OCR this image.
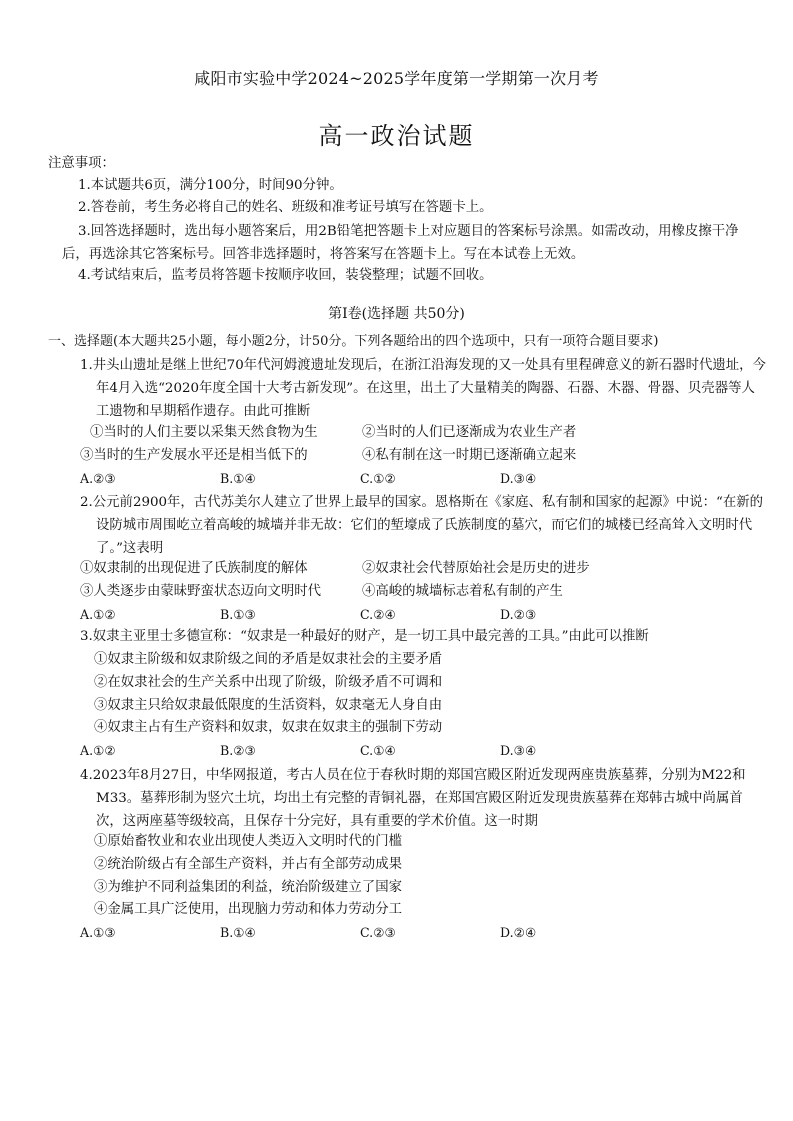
咸阳市实验中学2024~2025学年度第一学期第一次月考
高一政治试题
注意事项：
1.本试题共6页，满分100分，时间90分钟。
2.答卷前，考生务必将自己的姓名、班级和准考证号填写在答题卡上。
3.回答选择题时，选出每小题答案后，用2B铅笔把答题卡上对应题目的答案标号涂黑。如需改动，用橡皮擦干净后，再选涂其它答案标号。回答非选择题时，将答案写在答题卡上。写在本试卷上无效。
4.考试结束后，监考员将答题卡按顺序收回，装袋整理；试题不回收。
第Ⅰ卷(选择题 共50分)
一、选择题(本大题共25小题，每小题2分，计50分。下列各题给出的四个选项中，只有一项符合题目要求)
1.井头山遗址是继上世纪70年代河姆渡遗址发现后，在浙江沿海发现的又一处具有里程碑意义的新石器时代遗址，今年4月入选“2020年度全国十大考古新发现”。在这里，出土了大量精美的陶器、石器、木器、骨器、贝壳器等人工遗物和早期稻作遗存。由此可推断
①当时的人们主要以采集天然食物为生	②当时的人们已逐渐成为农业生产者
③当时的生产发展水平还是相当低下的	④私有制在这一时期已逐渐确立起来
A.②③	B.①④	C.①②	D.③④
2.公元前2900年，古代苏美尔人建立了世界上最早的国家。恩格斯在《家庭、私有制和国家的起源》中说：“在新的设防城市周围屹立着高峻的城墙并非无故：它们的堑壕成了氏族制度的墓穴，而它们的城楼已经高耸入文明时代了。”这表明
①奴隶制的出现促进了氏族制度的解体	②奴隶社会代替原始社会是历史的进步
③人类逐步由蒙昧野蛮状态迈向文明时代	④高峻的城墙标志着私有制的产生
A.①②	B.①③	C.②④	D.②③
3.奴隶主亚里士多德宣称：“奴隶是一种最好的财产，是一切工具中最完善的工具。”由此可以推断
①奴隶主阶级和奴隶阶级之间的矛盾是奴隶社会的主要矛盾
②在奴隶社会的生产关系中出现了阶级，阶级矛盾不可调和
③奴隶主只给奴隶最低限度的生活资料，奴隶毫无人身自由
④奴隶主占有生产资料和奴隶，奴隶在奴隶主的强制下劳动
A.①②	B.②③	C.①④	D.③④
4.2023年8月27日，中华网报道，考古人员在位于春秋时期的郑国宫殿区附近发现两座贵族墓葬，分别为M22和M33。墓葬形制为竖穴土坑，均出土有完整的青铜礼器，在郑国宫殿区附近发现贵族墓葬在郑韩古城中尚属首次，这两座墓等级较高，且保存十分完好，具有重要的学术价值。这一时期
①原始畜牧业和农业出现使人类迈入文明时代的门槛
②统治阶级占有全部生产资料，并占有全部劳动成果
③为维护不同利益集团的利益，统治阶级建立了国家
④金属工具广泛使用，出现脑力劳动和体力劳动分工
A.①③	B.①④	C.②③	D.②④
